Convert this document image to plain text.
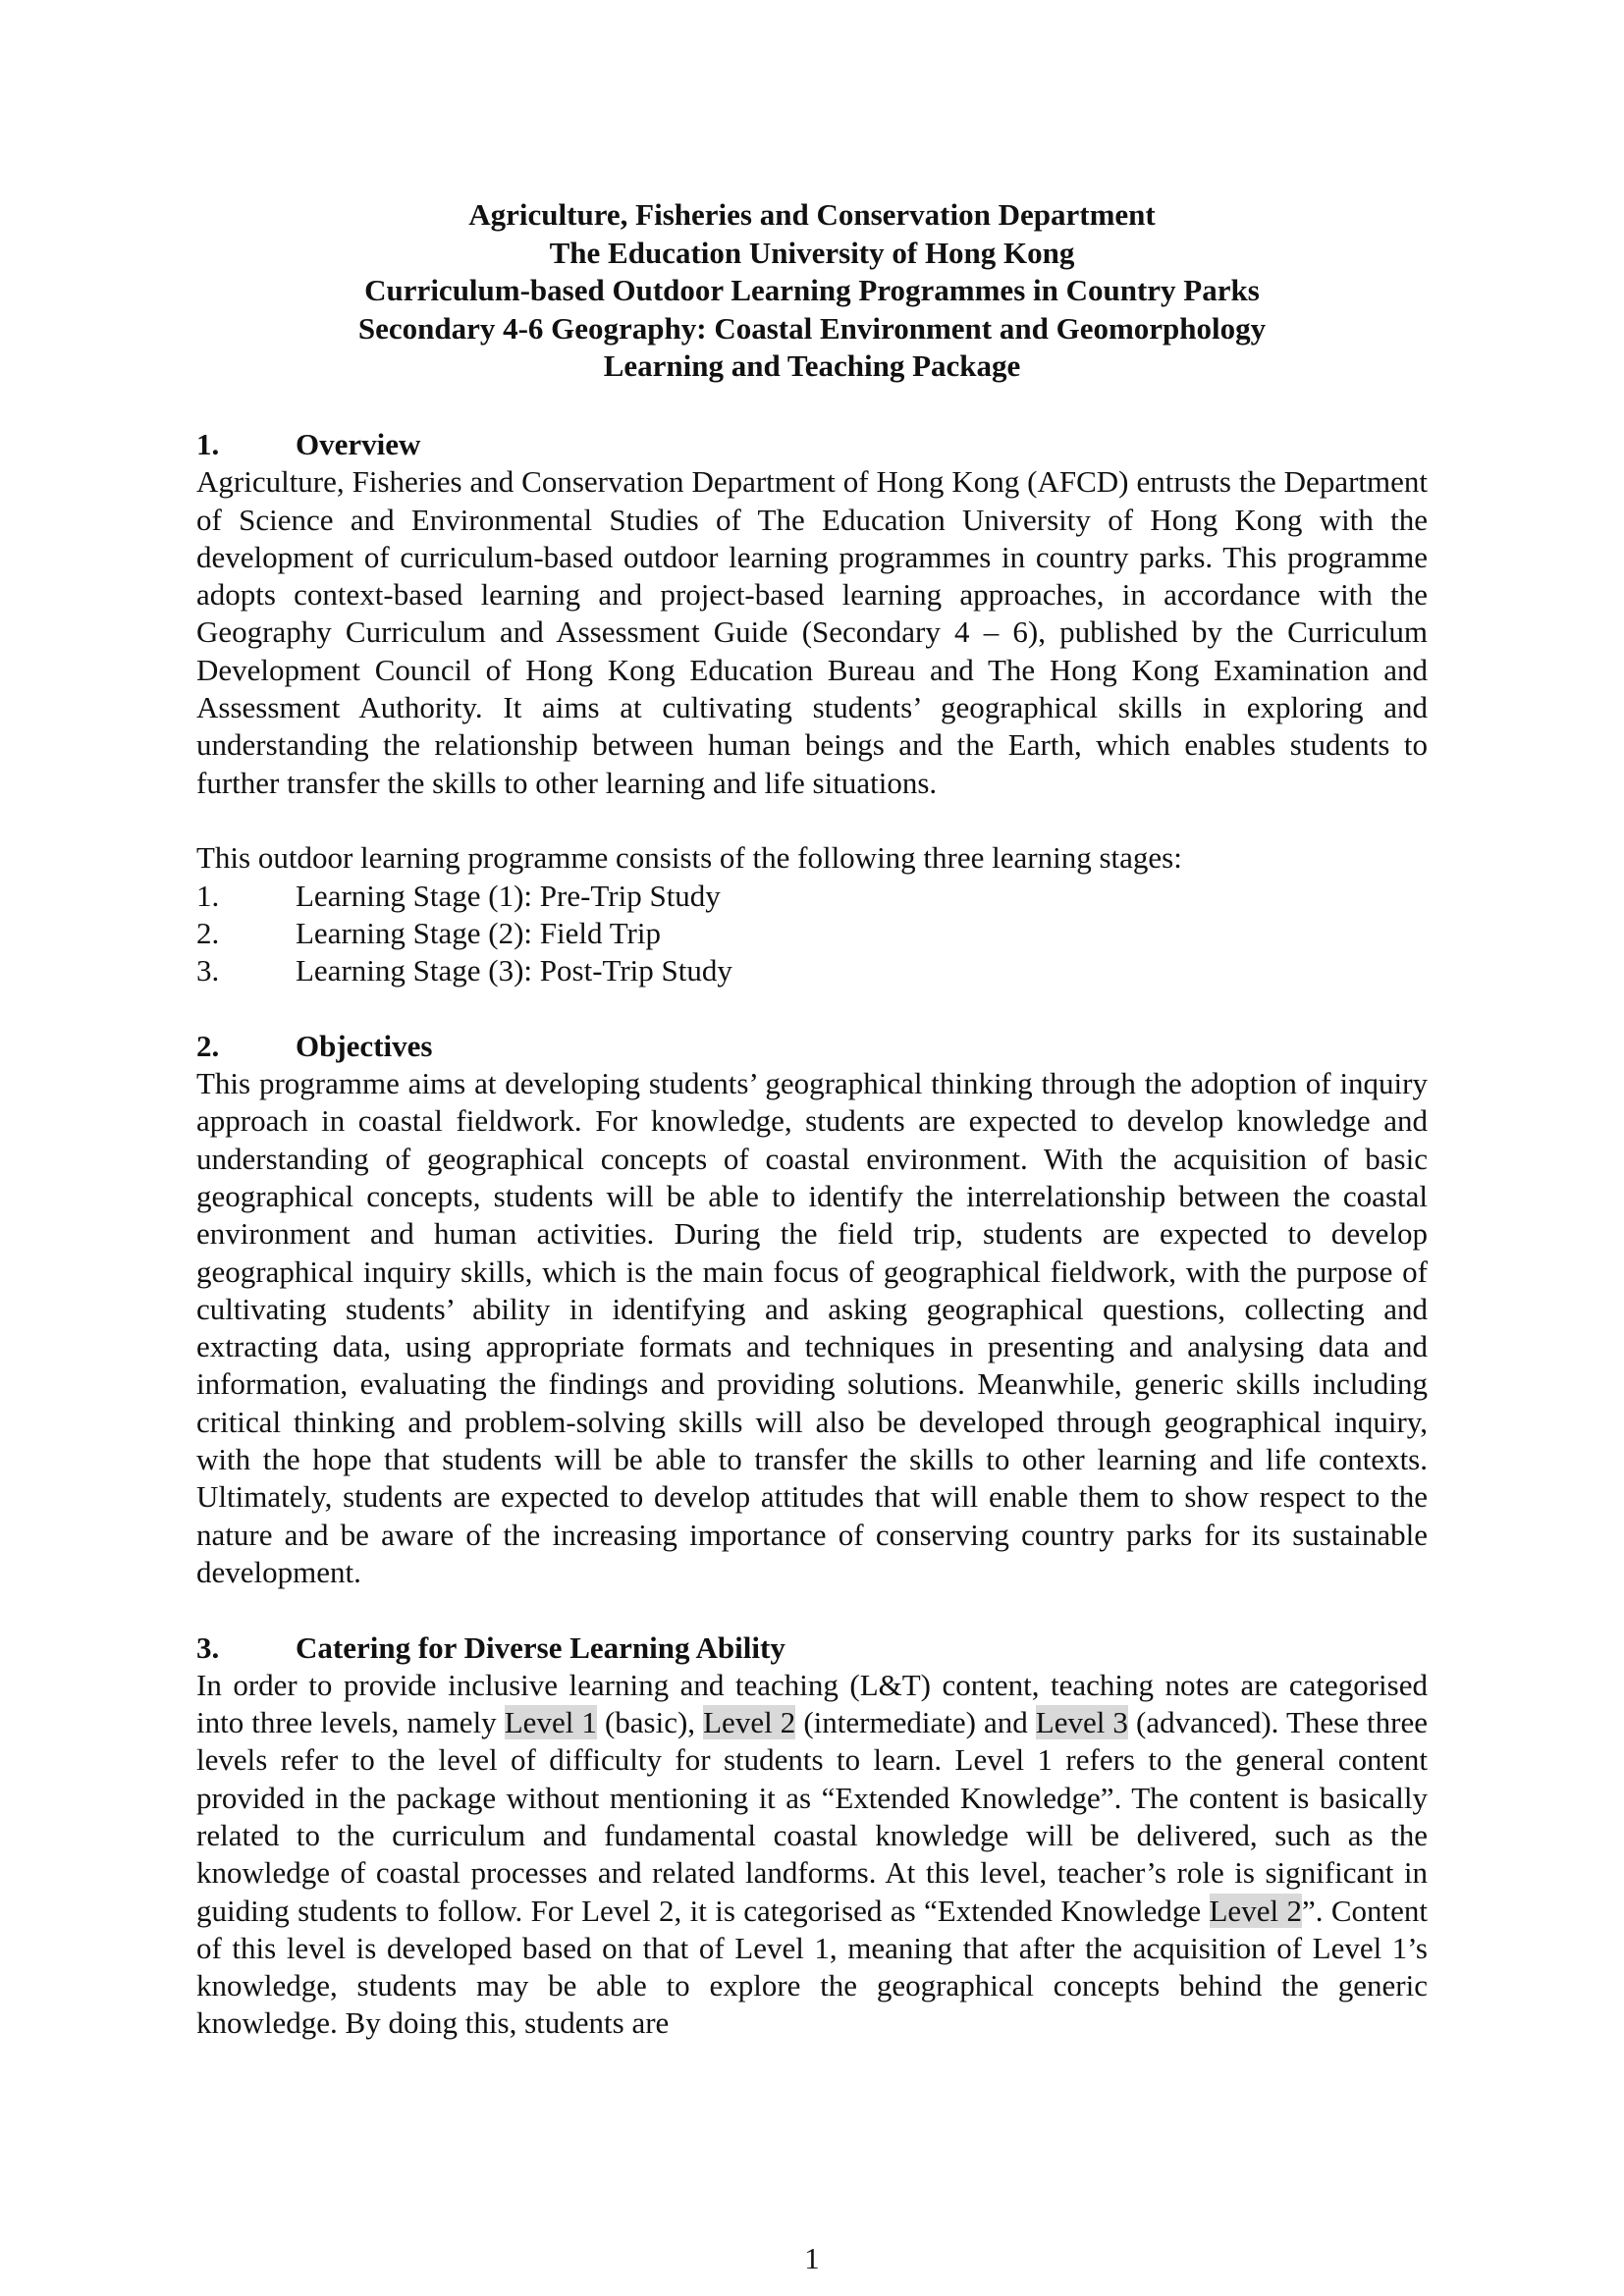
Agriculture, Fisheries and Conservation Department
The Education University of Hong Kong
Curriculum-based Outdoor Learning Programmes in Country Parks
Secondary 4-6 Geography: Coastal Environment and Geomorphology
Learning and Teaching Package
1.	Overview

Agriculture, Fisheries and Conservation Department of Hong Kong (AFCD) entrusts the Department of Science and Environmental Studies of The Education University of Hong Kong with the development of curriculum-based outdoor learning programmes in country parks. This programme adopts context-based learning and project-based learning approaches, in accordance with the Geography Curriculum and Assessment Guide (Secondary 4 – 6), published by the Curriculum Development Council of Hong Kong Education Bureau and The Hong Kong Examination and Assessment Authority. It aims at cultivating students’ geographical skills in exploring and understanding the relationship between human beings and the Earth, which enables students to further transfer the skills to other learning and life situations.

This outdoor learning programme consists of the following three learning stages:

1.	Learning Stage (1): Pre-Trip Study
2.	Learning Stage (2): Field Trip
3.	Learning Stage (3): Post-Trip Study
2.	Objectives

This programme aims at developing students’ geographical thinking through the adoption of inquiry approach in coastal fieldwork. For knowledge, students are expected to develop knowledge and understanding of geographical concepts of coastal environment. With the acquisition of basic geographical concepts, students will be able to identify the interrelationship between the coastal environment and human activities. During the field trip, students are expected to develop geographical inquiry skills, which is the main focus of geographical fieldwork, with the purpose of cultivating students’ ability in identifying and asking geographical questions, collecting and extracting data, using appropriate formats and techniques in presenting and analysing data and information, evaluating the findings and providing solutions. Meanwhile, generic skills including critical thinking and problem-solving skills will also be developed through geographical inquiry, with the hope that students will be able to transfer the skills to other learning and life contexts. Ultimately, students are expected to develop attitudes that will enable them to show respect to the nature and be aware of the increasing importance of conserving country parks for its sustainable development.

3.	Catering for Diverse Learning Ability

In order to provide inclusive learning and teaching (L&T) content, teaching notes are categorised into three levels, namely Level 1 (basic), Level 2 (intermediate) and Level 3 (advanced). These three levels refer to the level of difficulty for students to learn. Level 1 refers to the general content provided in the package without mentioning it as “Extended Knowledge”. The content is basically related to the curriculum and fundamental coastal knowledge will be delivered, such as the knowledge of coastal processes and related landforms. At this level, teacher’s role is significant in guiding students to follow. For Level 2, it is categorised as “Extended Knowledge Level 2”. Content of this level is developed based on that of Level 1, meaning that after the acquisition of Level 1’s knowledge, students may be able to explore the geographical concepts behind the generic knowledge. By doing this, students are

1
